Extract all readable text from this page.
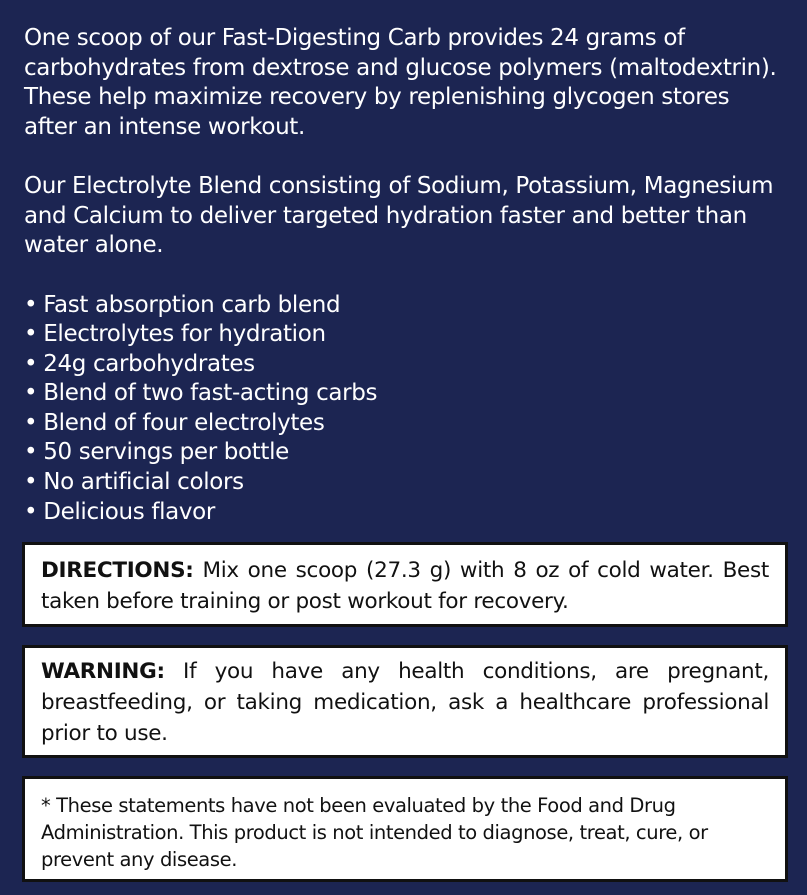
One scoop of our Fast-Digesting Carb provides 24 grams of carbohydrates from dextrose and glucose polymers (maltodextrin). These help maximize recovery by replenishing glycogen stores after an intense workout.

Our Electrolyte Blend consisting of Sodium, Potassium, Magnesium and Calcium to deliver targeted hydration faster and better than water alone.

• Fast absorption carb blend
• Electrolytes for hydration
• 24g carbohydrates
• Blend of two fast-acting carbs
• Blend of four electrolytes
• 50 servings per bottle
• No artificial colors
• Delicious flavor
DIRECTIONS: Mix one scoop (27.3 g) with 8 oz of cold water. Best taken before training or post workout for recovery.
WARNING: If you have any health conditions, are pregnant, breastfeeding, or taking medication, ask a healthcare professional prior to use.
* These statements have not been evaluated by the Food and Drug Administration. This product is not intended to diagnose, treat, cure, or prevent any disease.
